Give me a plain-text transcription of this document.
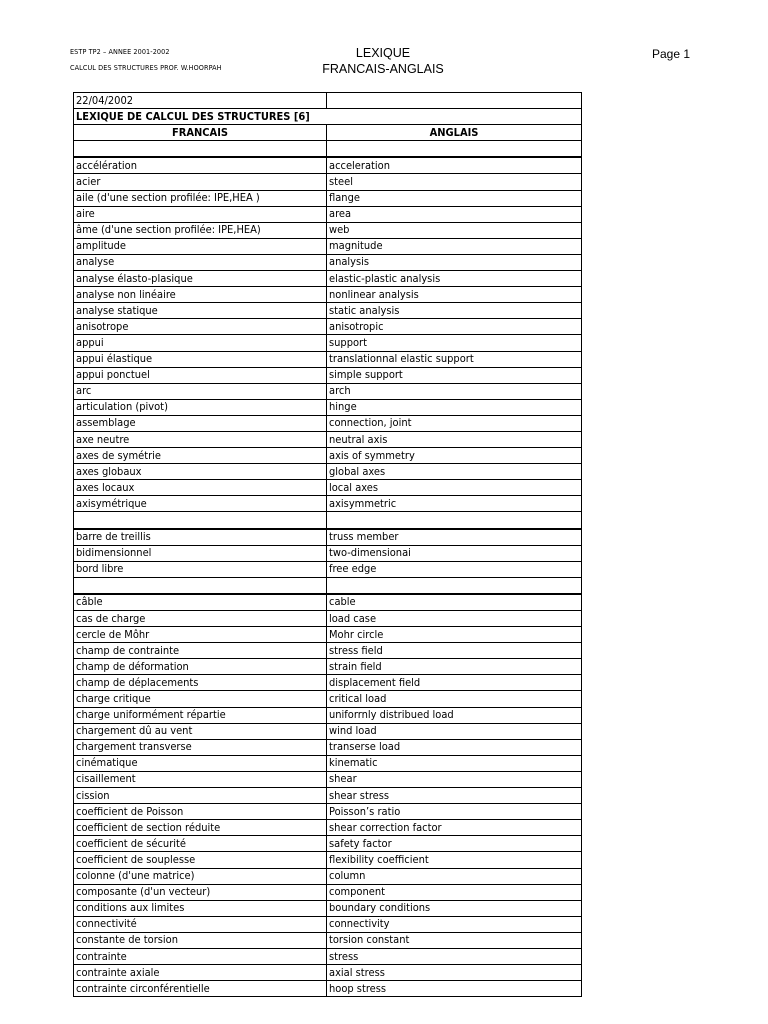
ESTP TP2 – ANNEE 2001-2002
CALCUL DES STRUCTURES PROF. W.HOORPAH
LEXIQUE
FRANCAIS-ANGLAIS
Page 1
22/04/2002	
LEXIQUE DE CALCUL DES STRUCTURES [6]	
FRANCAIS	ANGLAIS

accélération	acceleration
acier	steel
aile (d'une section profilée: IPE,HEA )	flange
aire	area
âme (d'une section profilée: IPE,HEA)	web
amplitude	magnitude
analyse	analysis
analyse élasto-plasique	elastic-plastic analysis
analyse non linéaire	nonlinear analysis
analyse statique	static analysis
anisotrope	anisotropic
appui	support
appui élastique	translationnal elastic support
appui ponctuel	simple support
arc	arch
articulation (pivot)	hinge
assemblage	connection, joint
axe neutre	neutral axis
axes de symétrie	axis of symmetry
axes globaux	global axes
axes locaux	local axes
axisymétrique	axisymmetric

barre de treillis	truss member
bidimensionnel	two-dimensionai
bord libre	free edge

câble	cable
cas de charge	load case
cercle de Môhr	Mohr circle
champ de contrainte	stress field
champ de déformation	strain field
champ de déplacements	displacement field
charge critique	critical load
charge uniformément répartie	uniforrnly distribued load
chargement dû au vent	wind load
chargement transverse	transerse load
cinématique	kinematic
cisaillement	shear
cission	shear stress
coefficient de Poisson	Poisson’s ratio
coefficient de section réduite	shear correction factor
coefficient de sécurité	safety factor
coefficient de souplesse	flexibility coefficient
colonne (d'une matrice)	column
composante (d'un vecteur)	component
conditions aux limites	boundary conditions
connectivité	connectivity
constante de torsion	torsion constant
contrainte	stress
contrainte axiale	axial stress
contrainte circonférentielle	hoop stress
